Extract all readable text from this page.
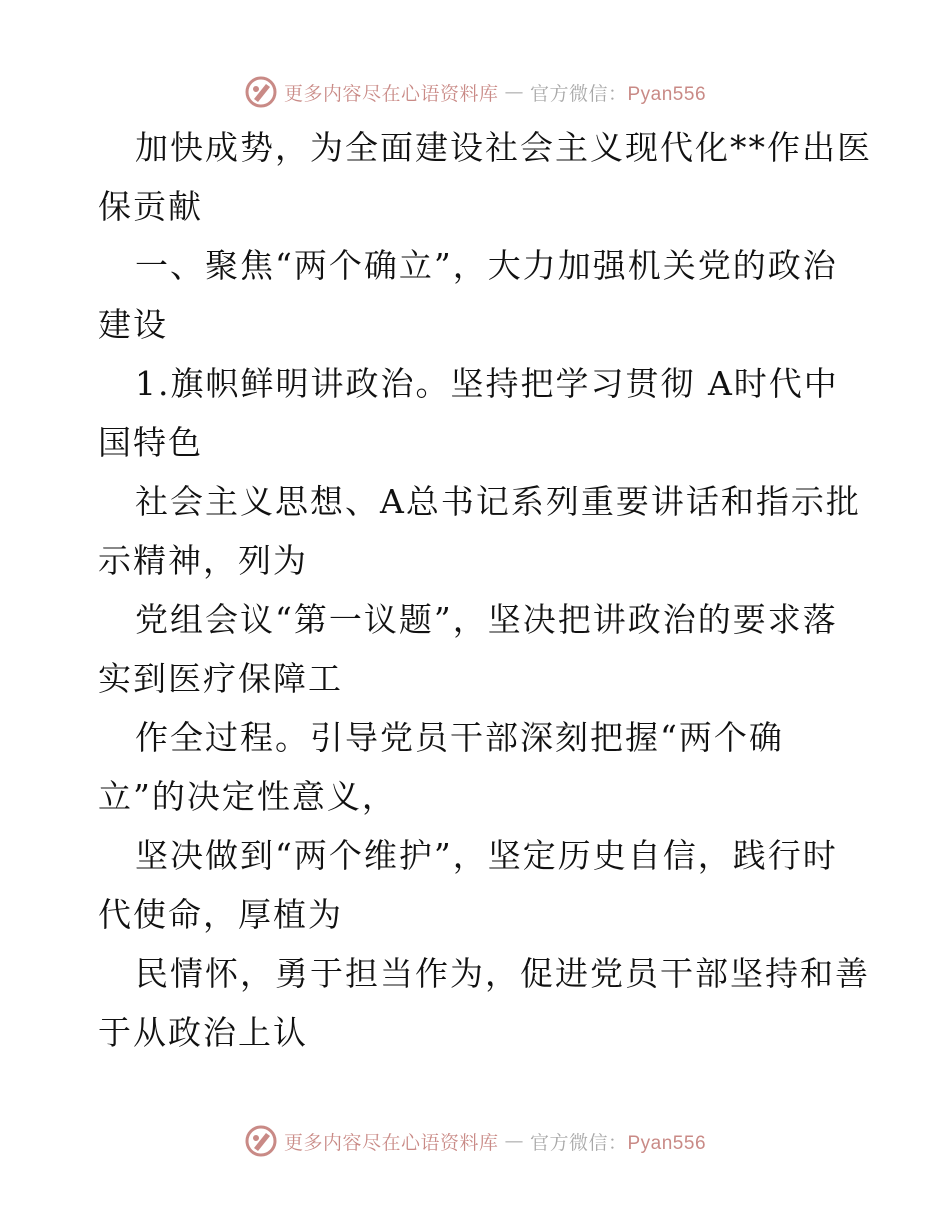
更多内容尽在心语资料库 — 官方微信：Pyan556

加快成势，为全面建设社会主义现代化**作出医
保贡献

一、聚焦“两个确立”，大力加强机关党的政治
建设

1.旗帜鲜明讲政治。坚持把学习贯彻 A时代中
国特色

社会主义思想、A总书记系列重要讲话和指示批
示精神，列为

党组会议“第一议题”，坚决把讲政治的要求落
实到医疗保障工

作全过程。引导党员干部深刻把握“两个确
立”的决定性意义，

坚决做到“两个维护”，坚定历史自信，践行时
代使命，厚植为

民情怀，勇于担当作为，促进党员干部坚持和善
于从政治上认

更多内容尽在心语资料库 — 官方微信：Pyan556
